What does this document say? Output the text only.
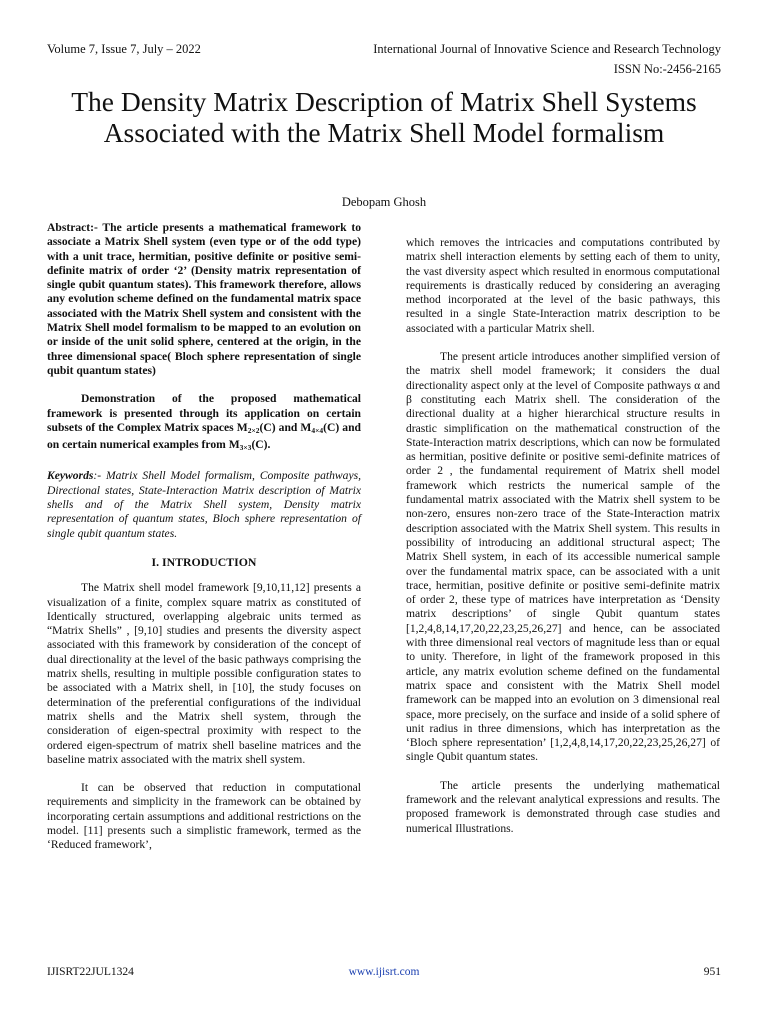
Volume 7, Issue 7, July – 2022	International Journal of Innovative Science and Research Technology
ISSN No:-2456-2165
The Density Matrix Description of Matrix Shell Systems Associated with the Matrix Shell Model formalism
Debopam Ghosh

Abstract:- The article presents a mathematical framework to associate a Matrix Shell system (even type or of the odd type) with a unit trace, hermitian, positive definite or positive semi-definite matrix of order ‘2’ (Density matrix representation of single qubit quantum states). This framework therefore, allows any evolution scheme defined on the fundamental matrix space associated with the Matrix Shell system and consistent with the Matrix Shell model formalism to be mapped to an evolution on or inside of the unit solid sphere, centered at the origin, in the three dimensional space( Bloch sphere representation of single qubit quantum states)

Demonstration of the proposed mathematical framework is presented through its application on certain subsets of the Complex Matrix spaces $M_{2\times 2}(C)$ and $M_{4\times 4}(C)$ and on certain numerical examples from $M_{3\times 3}(C)$.

Keywords:- Matrix Shell Model formalism, Composite pathways, Directional states, State-Interaction Matrix description of Matrix shells and of the Matrix Shell system, Density matrix representation of quantum states, Bloch sphere representation of single qubit quantum states.

I. INTRODUCTION

The Matrix shell model framework [9,10,11,12] presents a visualization of a finite, complex square matrix as constituted of Identically structured, overlapping algebraic units termed as “Matrix Shells” , [9,10] studies and presents the diversity aspect associated with this framework by consideration of the concept of dual directionality at the level of the basic pathways comprising the matrix shells, resulting in multiple possible configuration states to be associated with a Matrix shell, in [10], the study focuses on determination of the preferential configurations of the individual matrix shells and the Matrix shell system, through the consideration of eigen-spectral proximity with respect to the ordered eigen-spectrum of matrix shell baseline matrices and the baseline matrix associated with the matrix shell system.

It can be observed that reduction in computational requirements and simplicity in the framework can be obtained by incorporating certain assumptions and additional restrictions on the model. [11] presents such a simplistic framework, termed as the ‘Reduced framework’,

which removes the intricacies and computations contributed by matrix shell interaction elements by setting each of them to unity, the vast diversity aspect which resulted in enormous computational requirements is drastically reduced by considering an averaging method incorporated at the level of the basic pathways, this resulted in a single State-Interaction matrix description to be associated with a particular Matrix shell.

The present article introduces another simplified version of the matrix shell model framework; it considers the dual directionality aspect only at the level of Composite pathways α and β constituting each Matrix shell. The consideration of the directional duality at a higher hierarchical structure results in drastic simplification on the mathematical construction of the State-Interaction matrix descriptions, which can now be formulated as hermitian, positive definite or positive semi-definite matrices of order 2 , the fundamental requirement of Matrix shell model framework which restricts the numerical sample of the fundamental matrix associated with the Matrix shell system to be non-zero, ensures non-zero trace of the State-Interaction matrix description associated with the Matrix Shell system. This results in possibility of introducing an additional structural aspect; The Matrix Shell system, in each of its accessible numerical sample over the fundamental matrix space, can be associated with a unit trace, hermitian, positive definite or positive semi-definite matrix of order 2, these type of matrices have interpretation as ‘Density matrix descriptions’ of single Qubit quantum states [1,2,4,8,14,17,20,22,23,25,26,27] and hence, can be associated with three dimensional real vectors of magnitude less than or equal to unity. Therefore, in light of the framework proposed in this article, any matrix evolution scheme defined on the fundamental matrix space and consistent with the Matrix Shell model framework can be mapped into an evolution on 3 dimensional real space, more precisely, on the surface and inside of a solid sphere of unit radius in three dimensions, which has interpretation as the ‘Bloch sphere representation’ [1,2,4,8,14,17,20,22,23,25,26,27] of single Qubit quantum states.

The article presents the underlying mathematical framework and the relevant analytical expressions and results. The proposed framework is demonstrated through case studies and numerical Illustrations.

IJISRT22JUL1324	www.ijisrt.com	951
